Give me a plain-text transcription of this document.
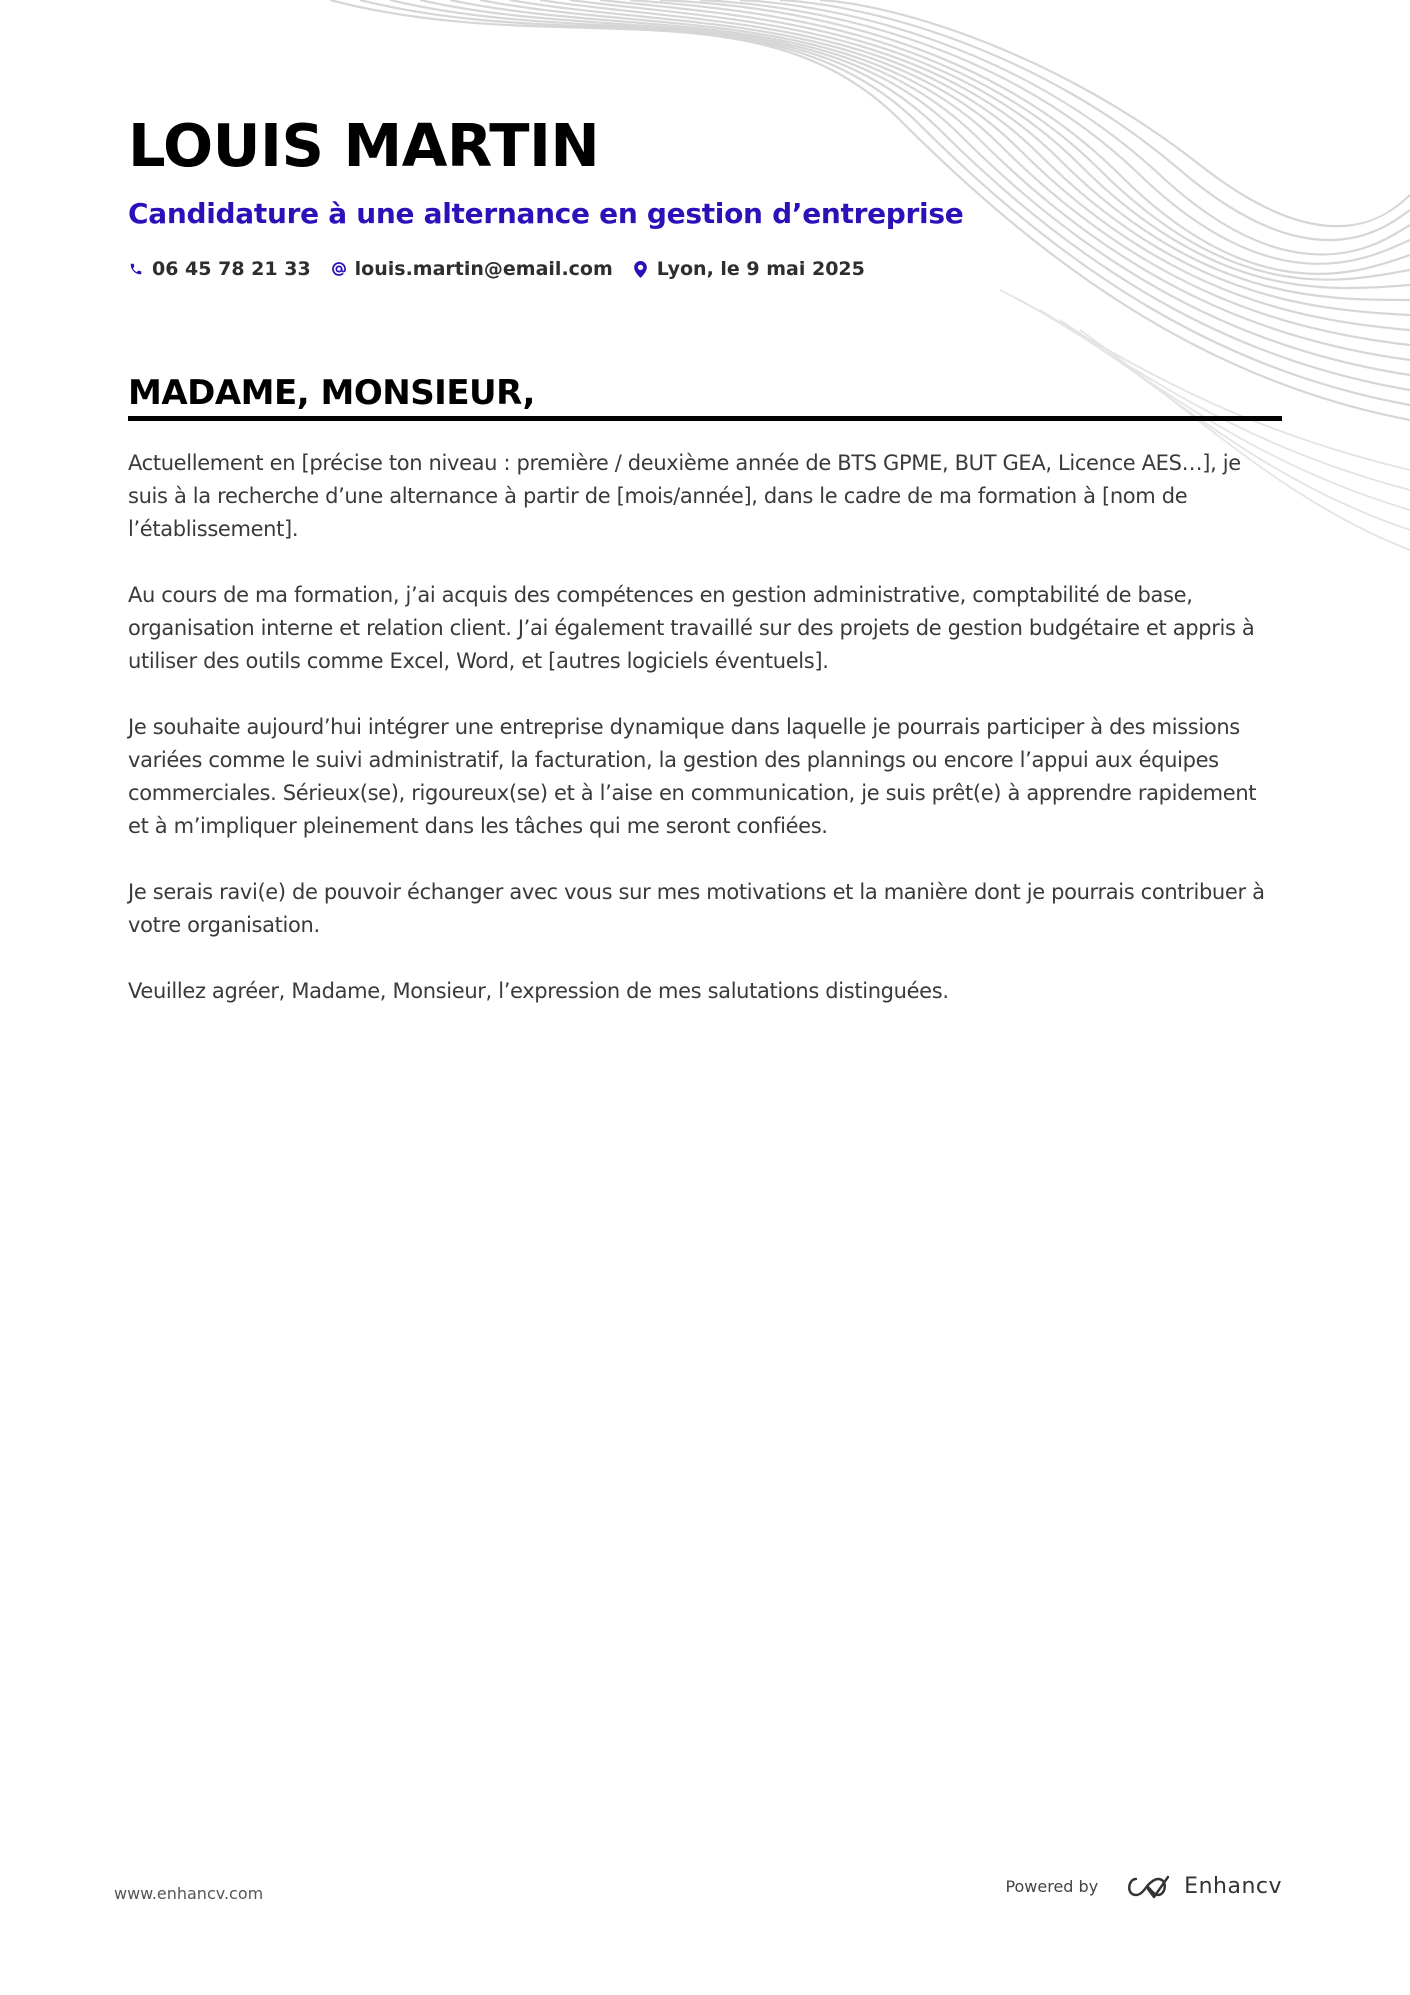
LOUIS MARTIN
Candidature à une alternance en gestion d’entreprise
06 45 78 21 33 louis.martin@email.com Lyon, le 9 mai 2025
MADAME, MONSIEUR,

Actuellement en [précise ton niveau : première / deuxième année de BTS GPME, BUT GEA, Licence AES…], je suis à la recherche d’une alternance à partir de [mois/année], dans le cadre de ma formation à [nom de l’établissement].

Au cours de ma formation, j’ai acquis des compétences en gestion administrative, comptabilité de base, organisation interne et relation client. J’ai également travaillé sur des projets de gestion budgétaire et appris à utiliser des outils comme Excel, Word, et [autres logiciels éventuels].

Je souhaite aujourd’hui intégrer une entreprise dynamique dans laquelle je pourrais participer à des missions variées comme le suivi administratif, la facturation, la gestion des plannings ou encore l’appui aux équipes commerciales. Sérieux(se), rigoureux(se) et à l’aise en communication, je suis prêt(e) à apprendre rapidement et à m’impliquer pleinement dans les tâches qui me seront confiées.

Je serais ravi(e) de pouvoir échanger avec vous sur mes motivations et la manière dont je pourrais contribuer à votre organisation.

Veuillez agréer, Madame, Monsieur, l’expression de mes salutations distinguées.

www.enhancv.com	Powered by	Enhancv
